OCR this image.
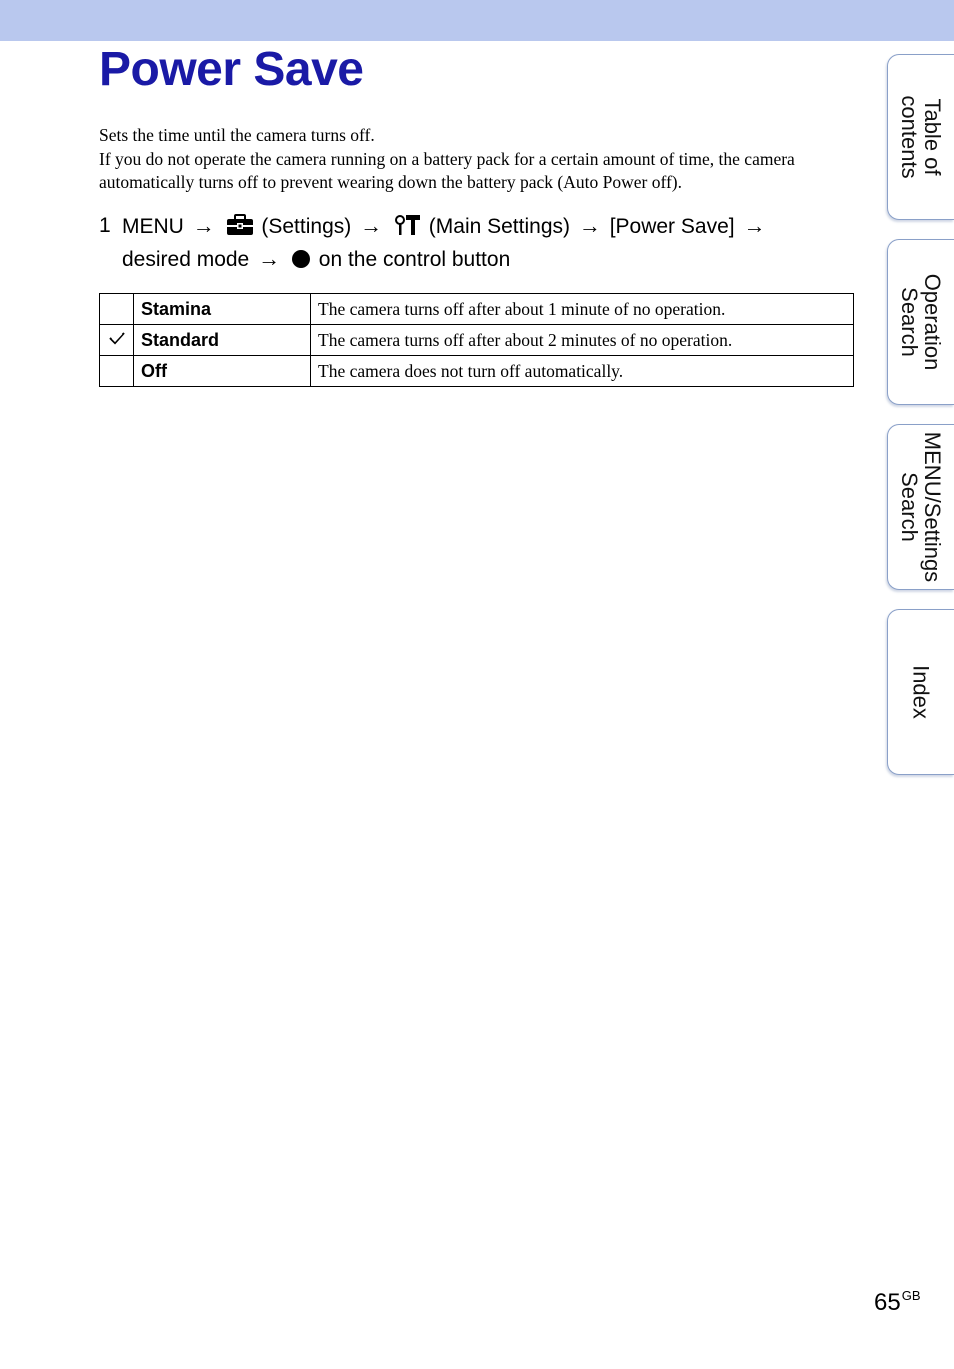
Power Save

Sets the time until the camera turns off.

If you do not operate the camera running on a battery pack for a certain amount of time, the camera automatically turns off to prevent wearing down the battery pack (Auto Power off).

1 MENU → (Settings) → (Main Settings) → [Power Save] →
desired mode → on the control button
	Stamina	The camera turns off after about 1 minute of no operation.
	Standard	The camera turns off after about 2 minutes of no operation.
	Off	The camera does not turn off automatically.
Table of
contents
Operation
Search
MENU/Settings
Search
Index
$65^{GB}$
